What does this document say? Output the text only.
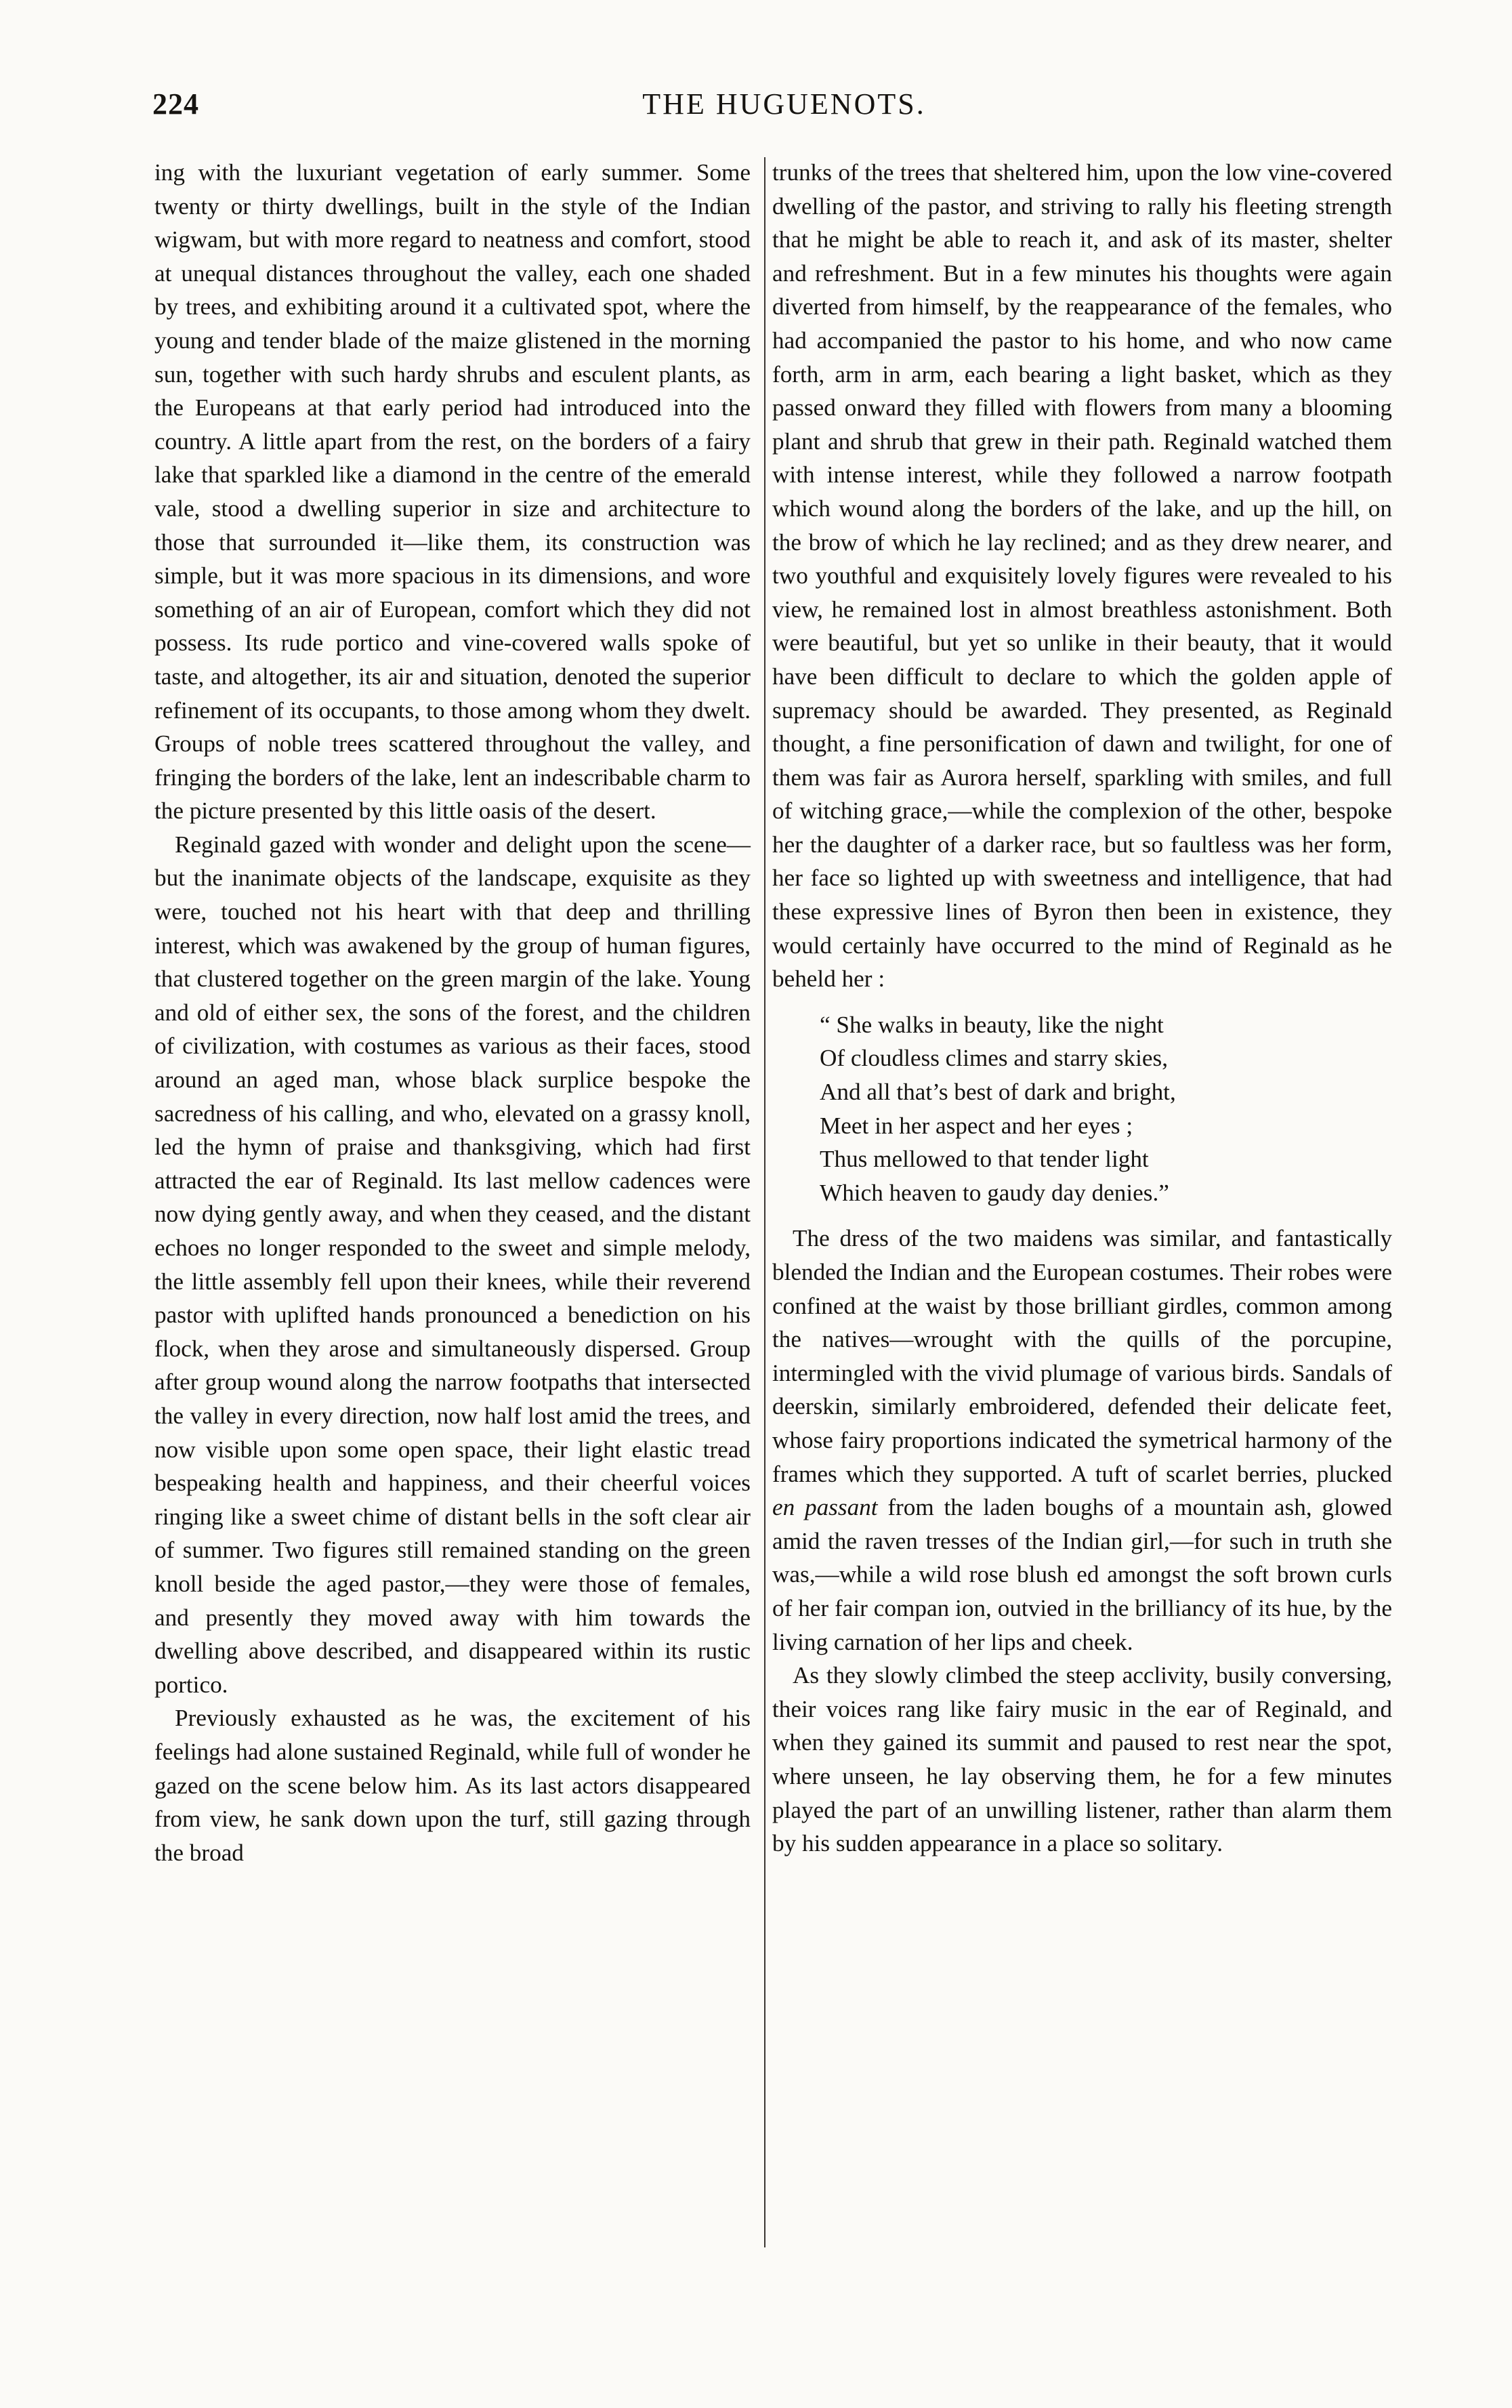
224	THE HUGUENOTS.

ing with the luxuriant vegetation of early summer. Some twenty or thirty dwellings, built in the style of the Indian wigwam, but with more regard to neatness and comfort, stood at unequal distances throughout the valley, each one shaded by trees, and exhibiting around it a cultivated spot, where the young and tender blade of the maize glistened in the morning sun, together with such hardy shrubs and esculent plants, as the Europeans at that early period had introduced into the country. A little apart from the rest, on the borders of a fairy lake that sparkled like a diamond in the centre of the emerald vale, stood a dwelling superior in size and architecture to those that surrounded it—like them, its construction was simple, but it was more spacious in its dimensions, and wore something of an air of European, comfort which they did not possess. Its rude portico and vine-covered walls spoke of taste, and altogether, its air and situation, denoted the superior refinement of its occupants, to those among whom they dwelt. Groups of noble trees scattered throughout the valley, and fringing the borders of the lake, lent an indescribable charm to the picture presented by this little oasis of the desert.

Reginald gazed with wonder and delight upon the scene—but the inanimate objects of the landscape, exquisite as they were, touched not his heart with that deep and thrilling interest, which was awakened by the group of human figures, that clustered together on the green margin of the lake. Young and old of either sex, the sons of the forest, and the children of civilization, with costumes as various as their faces, stood around an aged man, whose black surplice bespoke the sacredness of his calling, and who, elevated on a grassy knoll, led the hymn of praise and thanksgiving, which had first attracted the ear of Reginald. Its last mellow cadences were now dying gently away, and when they ceased, and the distant echoes no longer responded to the sweet and simple melody, the little assembly fell upon their knees, while their reverend pastor with uplifted hands pronounced a benediction on his flock, when they arose and simultaneously dispersed. Group after group wound along the narrow footpaths that intersected the valley in every direction, now half lost amid the trees, and now visible upon some open space, their light elastic tread bespeaking health and happiness, and their cheerful voices ringing like a sweet chime of distant bells in the soft clear air of summer. Two figures still remained standing on the green knoll beside the aged pastor,—they were those of females, and presently they moved away with him towards the dwelling above described, and disappeared within its rustic portico.

Previously exhausted as he was, the excitement of his feelings had alone sustained Reginald, while full of wonder he gazed on the scene below him. As its last actors disappeared from view, he sank down upon the turf, still gazing through the broad

trunks of the trees that sheltered him, upon the low vine-covered dwelling of the pastor, and striving to rally his fleeting strength that he might be able to reach it, and ask of its master, shelter and refreshment. But in a few minutes his thoughts were again diverted from himself, by the reappearance of the females, who had accompanied the pastor to his home, and who now came forth, arm in arm, each bearing a light basket, which as they passed onward they filled with flowers from many a blooming plant and shrub that grew in their path. Reginald watched them with intense interest, while they followed a narrow footpath which wound along the borders of the lake, and up the hill, on the brow of which he lay reclined; and as they drew nearer, and two youthful and exquisitely lovely figures were revealed to his view, he remained lost in almost breathless astonishment. Both were beautiful, but yet so unlike in their beauty, that it would have been difficult to declare to which the golden apple of supremacy should be awarded. They presented, as Reginald thought, a fine personification of dawn and twilight, for one of them was fair as Aurora herself, sparkling with smiles, and full of witching grace,—while the complexion of the other, bespoke her the daughter of a darker race, but so faultless was her form, her face so lighted up with sweetness and intelligence, that had these expressive lines of Byron then been in existence, they would certainly have occurred to the mind of Reginald as he beheld her :

“ She walks in beauty, like the night
Of cloudless climes and starry skies,
And all that’s best of dark and bright,
Meet in her aspect and her eyes ;
Thus mellowed to that tender light
Which heaven to gaudy day denies.”

The dress of the two maidens was similar, and fantastically blended the Indian and the European costumes. Their robes were confined at the waist by those brilliant girdles, common among the natives—wrought with the quills of the porcupine, intermingled with the vivid plumage of various birds. Sandals of deerskin, similarly embroidered, defended their delicate feet, whose fairy proportions indicated the symetrical harmony of the frames which they supported. A tuft of scarlet berries, plucked en passant from the laden boughs of a mountain ash, glowed amid the raven tresses of the Indian girl,—for such in truth she was,—while a wild rose blush ed amongst the soft brown curls of her fair compan ion, outvied in the brilliancy of its hue, by the living carnation of her lips and cheek.

As they slowly climbed the steep acclivity, busily conversing, their voices rang like fairy music in the ear of Reginald, and when they gained its summit and paused to rest near the spot, where unseen, he lay observing them, he for a few minutes played the part of an unwilling listener, rather than alarm them by his sudden appearance in a place so solitary.
